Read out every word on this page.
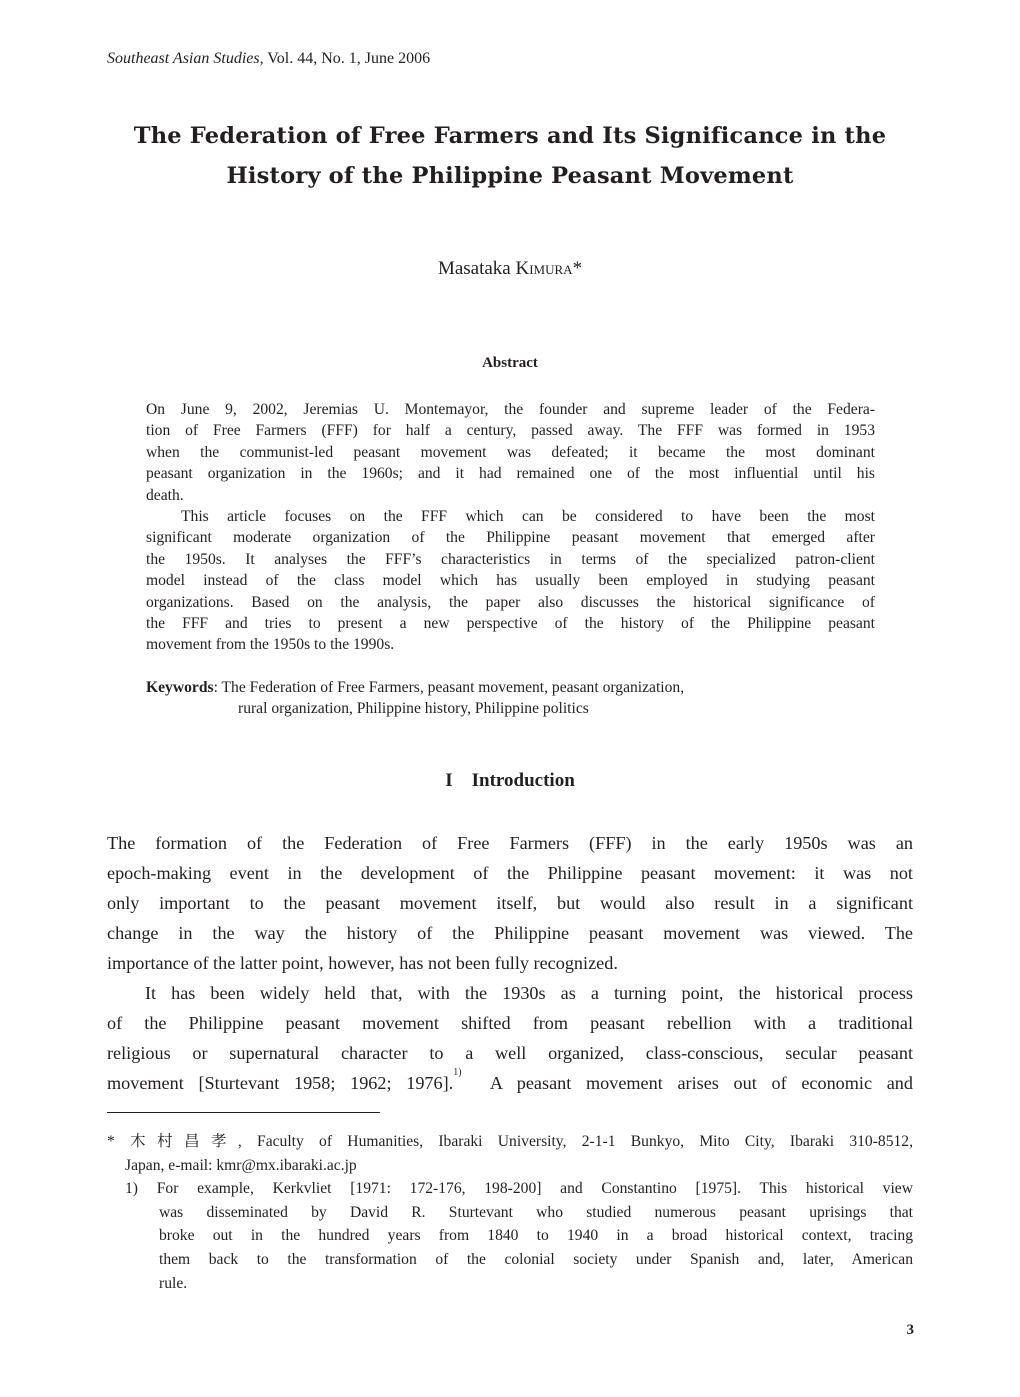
Southeast Asian Studies, Vol. 44, No. 1, June 2006
The Federation of Free Farmers and Its Significance in the
History of the Philippine Peasant Movement
Masataka Kimura*
Abstract
On June 9, 2002, Jeremias U. Montemayor, the founder and supreme leader of the Federa-
tion of Free Farmers (FFF) for half a century, passed away. The FFF was formed in 1953
when the communist-led peasant movement was defeated; it became the most dominant
peasant organization in the 1960s; and it had remained one of the most influential until his
death.
This article focuses on the FFF which can be considered to have been the most
significant moderate organization of the Philippine peasant movement that emerged after
the 1950s. It analyses the FFF’s characteristics in terms of the specialized patron-client
model instead of the class model which has usually been employed in studying peasant
organizations. Based on the analysis, the paper also discusses the historical significance of
the FFF and tries to present a new perspective of the history of the Philippine peasant
movement from the 1950s to the 1990s.
Keywords: The Federation of Free Farmers, peasant movement, peasant organization,
rural organization, Philippine history, Philippine politics
I Introduction
The formation of the Federation of Free Farmers (FFF) in the early 1950s was an
epoch-making event in the development of the Philippine peasant movement: it was not
only important to the peasant movement itself, but would also result in a significant
change in the way the history of the Philippine peasant movement was viewed. The
importance of the latter point, however, has not been fully recognized.
It has been widely held that, with the 1930s as a turning point, the historical process
of the Philippine peasant movement shifted from peasant rebellion with a traditional
religious or supernatural character to a well organized, class-conscious, secular peasant
movement [Sturtevant 1958; 1962; 1976].$^{1)}$  A peasant movement arises out of economic and
* 木村昌孝, Faculty of Humanities, Ibaraki University, 2-1-1 Bunkyo, Mito City, Ibaraki 310-8512,
Japan, e-mail: kmr@mx.ibaraki.ac.jp
1) For example, Kerkvliet [1971: 172-176, 198-200] and Constantino [1975]. This historical view
was disseminated by David R. Sturtevant who studied numerous peasant uprisings that
broke out in the hundred years from 1840 to 1940 in a broad historical context, tracing
them back to the transformation of the colonial society under Spanish and, later, American
rule.
3
